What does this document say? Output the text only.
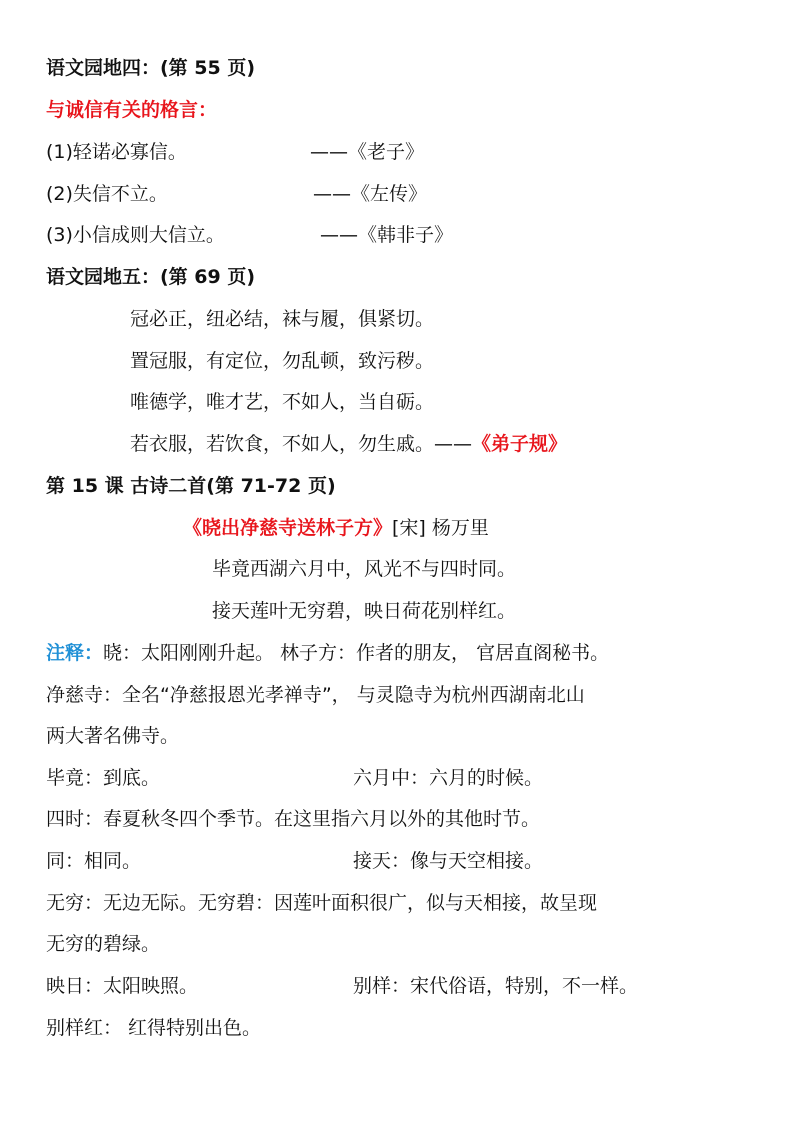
语文园地四：(第 55 页)
与诚信有关的格言：
(1)轻诺必寡信。	——《老子》
(2)失信不立。	——《左传》
(3)小信成则大信立。	——《韩非子》
语文园地五：(第 69 页)
冠必正，纽必结，袜与履，俱紧切。
置冠服，有定位，勿乱顿，致污秽。
唯德学，唯才艺，不如人，当自砺。
若衣服，若饮食，不如人，勿生戚。——《弟子规》
第 15 课 古诗二首(第 71-72 页)
《晓出净慈寺送林子方》[宋] 杨万里
毕竟西湖六月中，风光不与四时同。
接天莲叶无穷碧，映日荷花别样红。
注释：晓：太阳刚刚升起。 林子方：作者的朋友， 官居直阁秘书。
净慈寺：全名“净慈报恩光孝禅寺”， 与灵隐寺为杭州西湖南北山
两大著名佛寺。
毕竟：到底。	六月中：六月的时候。
四时：春夏秋冬四个季节。在这里指六月以外的其他时节。
同：相同。	接天：像与天空相接。
无穷：无边无际。无穷碧：因莲叶面积很广，似与天相接，故呈现
无穷的碧绿。
映日：太阳映照。	别样：宋代俗语，特别，不一样。
别样红： 红得特别出色。
